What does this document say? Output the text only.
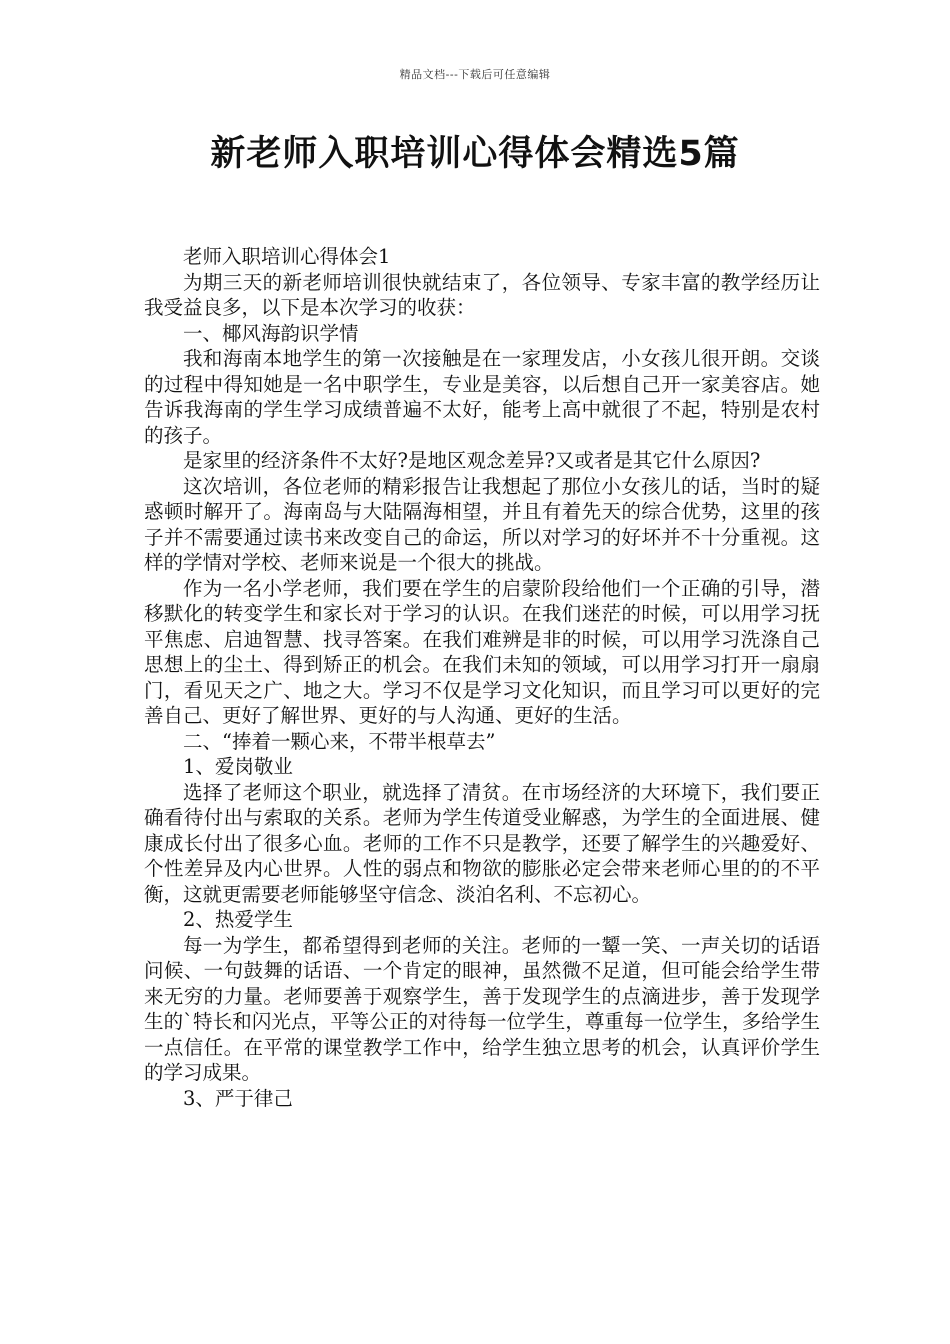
精品文档---下载后可任意编辑
新老师入职培训心得体会精选5篇

老师入职培训心得体会1

为期三天的新老师培训很快就结束了，各位领导、专家丰富的教学经历让我受益良多，以下是本次学习的收获：

一、椰风海韵识学情

我和海南本地学生的第一次接触是在一家理发店，小女孩儿很开朗。交谈的过程中得知她是一名中职学生，专业是美容，以后想自己开一家美容店。她告诉我海南的学生学习成绩普遍不太好，能考上高中就很了不起，特别是农村的孩子。

是家里的经济条件不太好?是地区观念差异?又或者是其它什么原因?

这次培训，各位老师的精彩报告让我想起了那位小女孩儿的话，当时的疑惑顿时解开了。海南岛与大陆隔海相望，并且有着先天的综合优势，这里的孩子并不需要通过读书来改变自己的命运，所以对学习的好坏并不十分重视。这样的学情对学校、老师来说是一个很大的挑战。

作为一名小学老师，我们要在学生的启蒙阶段给他们一个正确的引导，潜移默化的转变学生和家长对于学习的认识。在我们迷茫的时候，可以用学习抚平焦虑、启迪智慧、找寻答案。在我们难辨是非的时候，可以用学习洗涤自己思想上的尘土、得到矫正的机会。在我们未知的领域，可以用学习打开一扇扇门，看见天之广、地之大。学习不仅是学习文化知识，而且学习可以更好的完善自己、更好了解世界、更好的与人沟通、更好的生活。

二、“捧着一颗心来，不带半根草去”

1、爱岗敬业

选择了老师这个职业，就选择了清贫。在市场经济的大环境下，我们要正确看待付出与索取的关系。老师为学生传道受业解惑，为学生的全面进展、健康成长付出了很多心血。老师的工作不只是教学，还要了解学生的兴趣爱好、个性差异及内心世界。人性的弱点和物欲的膨胀必定会带来老师心里的的不平衡，这就更需要老师能够坚守信念、淡泊名利、不忘初心。

2、热爱学生

每一为学生，都希望得到老师的关注。老师的一颦一笑、一声关切的话语问候、一句鼓舞的话语、一个肯定的眼神，虽然微不足道，但可能会给学生带来无穷的力量。老师要善于观察学生，善于发现学生的点滴进步，善于发现学生的`特长和闪光点，平等公正的对待每一位学生，尊重每一位学生，多给学生一点信任。在平常的课堂教学工作中，给学生独立思考的机会，认真评价学生的学习成果。

3、严于律己
